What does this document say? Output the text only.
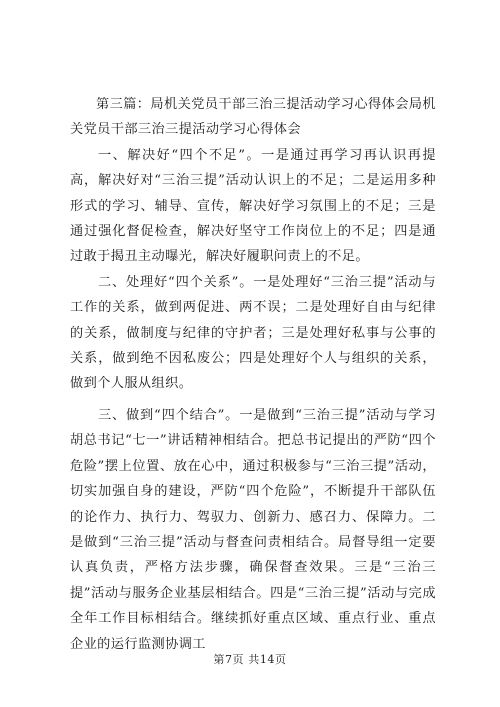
第三篇：局机关党员干部三治三提活动学习心得体会局机关党员干部三治三提活动学习心得体会

一、解决好“四个不足”。一是通过再学习再认识再提高，解决好对“三治三提”活动认识上的不足；二是运用多种形式的学习、辅导、宣传，解决好学习氛围上的不足；三是通过强化督促检查，解决好坚守工作岗位上的不足；四是通过敢于揭丑主动曝光，解决好履职问责上的不足。

二、处理好“四个关系”。一是处理好“三治三提”活动与工作的关系，做到两促进、两不误；二是处理好自由与纪律的关系，做制度与纪律的守护者；三是处理好私事与公事的关系，做到绝不因私废公；四是处理好个人与组织的关系，做到个人服从组织。

三、做到“四个结合”。一是做到“三治三提”活动与学习胡总书记“七一”讲话精神相结合。把总书记提出的严防“四个危险”摆上位置、放在心中，通过积极参与“三治三提”活动，切实加强自身的建设，严防“四个危险”，不断提升干部队伍的论作力、执行力、驾驭力、创新力、感召力、保障力。二是做到“三治三提”活动与督查问责相结合。局督导组一定要认真负责，严格方法步骤，确保督查效果。三是“三治三提”活动与服务企业基层相结合。四是“三治三提”活动与完成全年工作目标相结合。继续抓好重点区域、重点行业、重点企业的运行监测协调工

第7页 共14页
